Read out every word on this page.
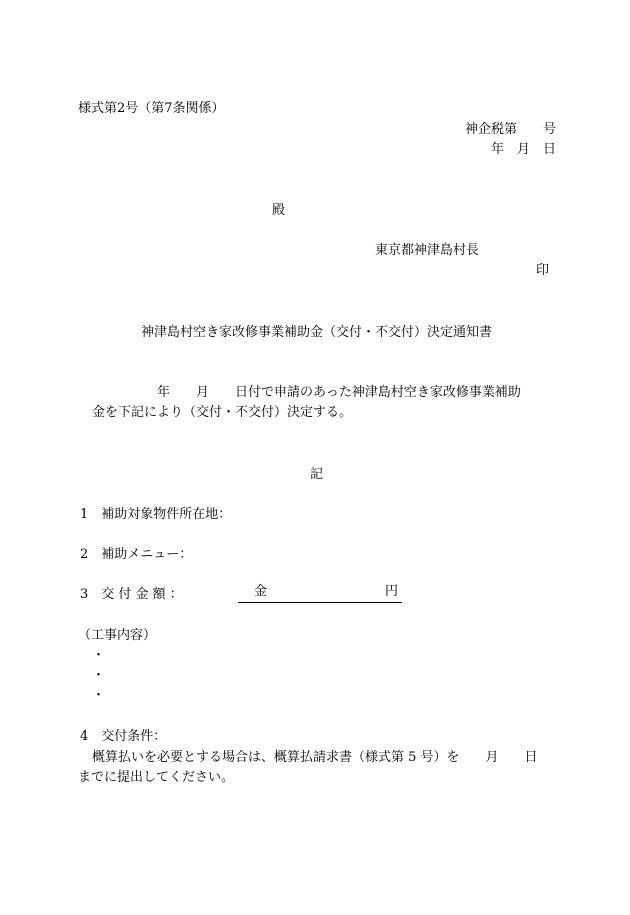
様式第2号（第7条関係）
神企税第　　号
年　月　日
殿
東京都神津島村長
印
神津島村空き家改修事業補助金（交付・不交付）決定通知書
年　　月　　日付で申請のあった神津島村空き家改修事業補助
金を下記により（交付・不交付）決定する。
記
1　補助対象物件所在地：
2　補助メニュー：
3　交 付 金 額 ：	金	円
（工事内容）
・
・
・
4　交付条件：
概算払いを必要とする場合は、概算払請求書（様式第 5 号）を　　月　　日
までに提出してください。
